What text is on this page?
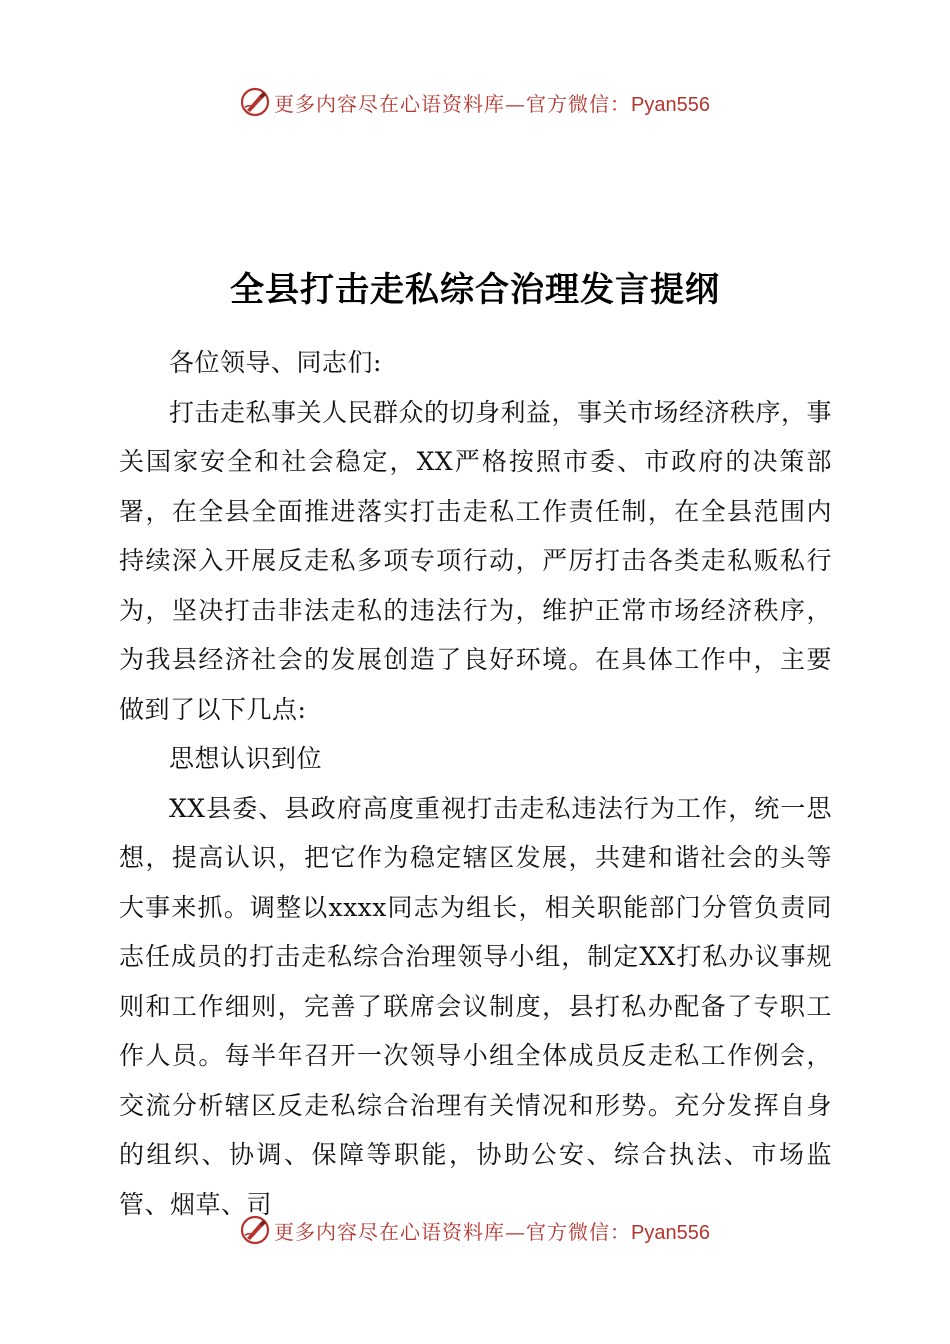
更多内容尽在心语资料库—官方微信：Pyan556
全县打击走私综合治理发言提纲

各位领导、同志们:

打击走私事关人民群众的切身利益，事关市场经济秩序，事关国家安全和社会稳定，XX严格按照市委、市政府的决策部署，在全县全面推进落实打击走私工作责任制，在全县范围内持续深入开展反走私多项专项行动，严厉打击各类走私贩私行为，坚决打击非法走私的违法行为，维护正常市场经济秩序，为我县经济社会的发展创造了良好环境。在具体工作中，主要做到了以下几点:

思想认识到位

XX县委、县政府高度重视打击走私违法行为工作，统一思想，提高认识，把它作为稳定辖区发展，共建和谐社会的头等大事来抓。调整以xxxx同志为组长，相关职能部门分管负责同志任成员的打击走私综合治理领导小组，制定XX打私办议事规则和工作细则，完善了联席会议制度，县打私办配备了专职工作人员。每半年召开一次领导小组全体成员反走私工作例会，交流分析辖区反走私综合治理有关情况和形势。充分发挥自身的组织、协调、保障等职能，协助公安、综合执法、市场监管、烟草、司

更多内容尽在心语资料库—官方微信：Pyan556
